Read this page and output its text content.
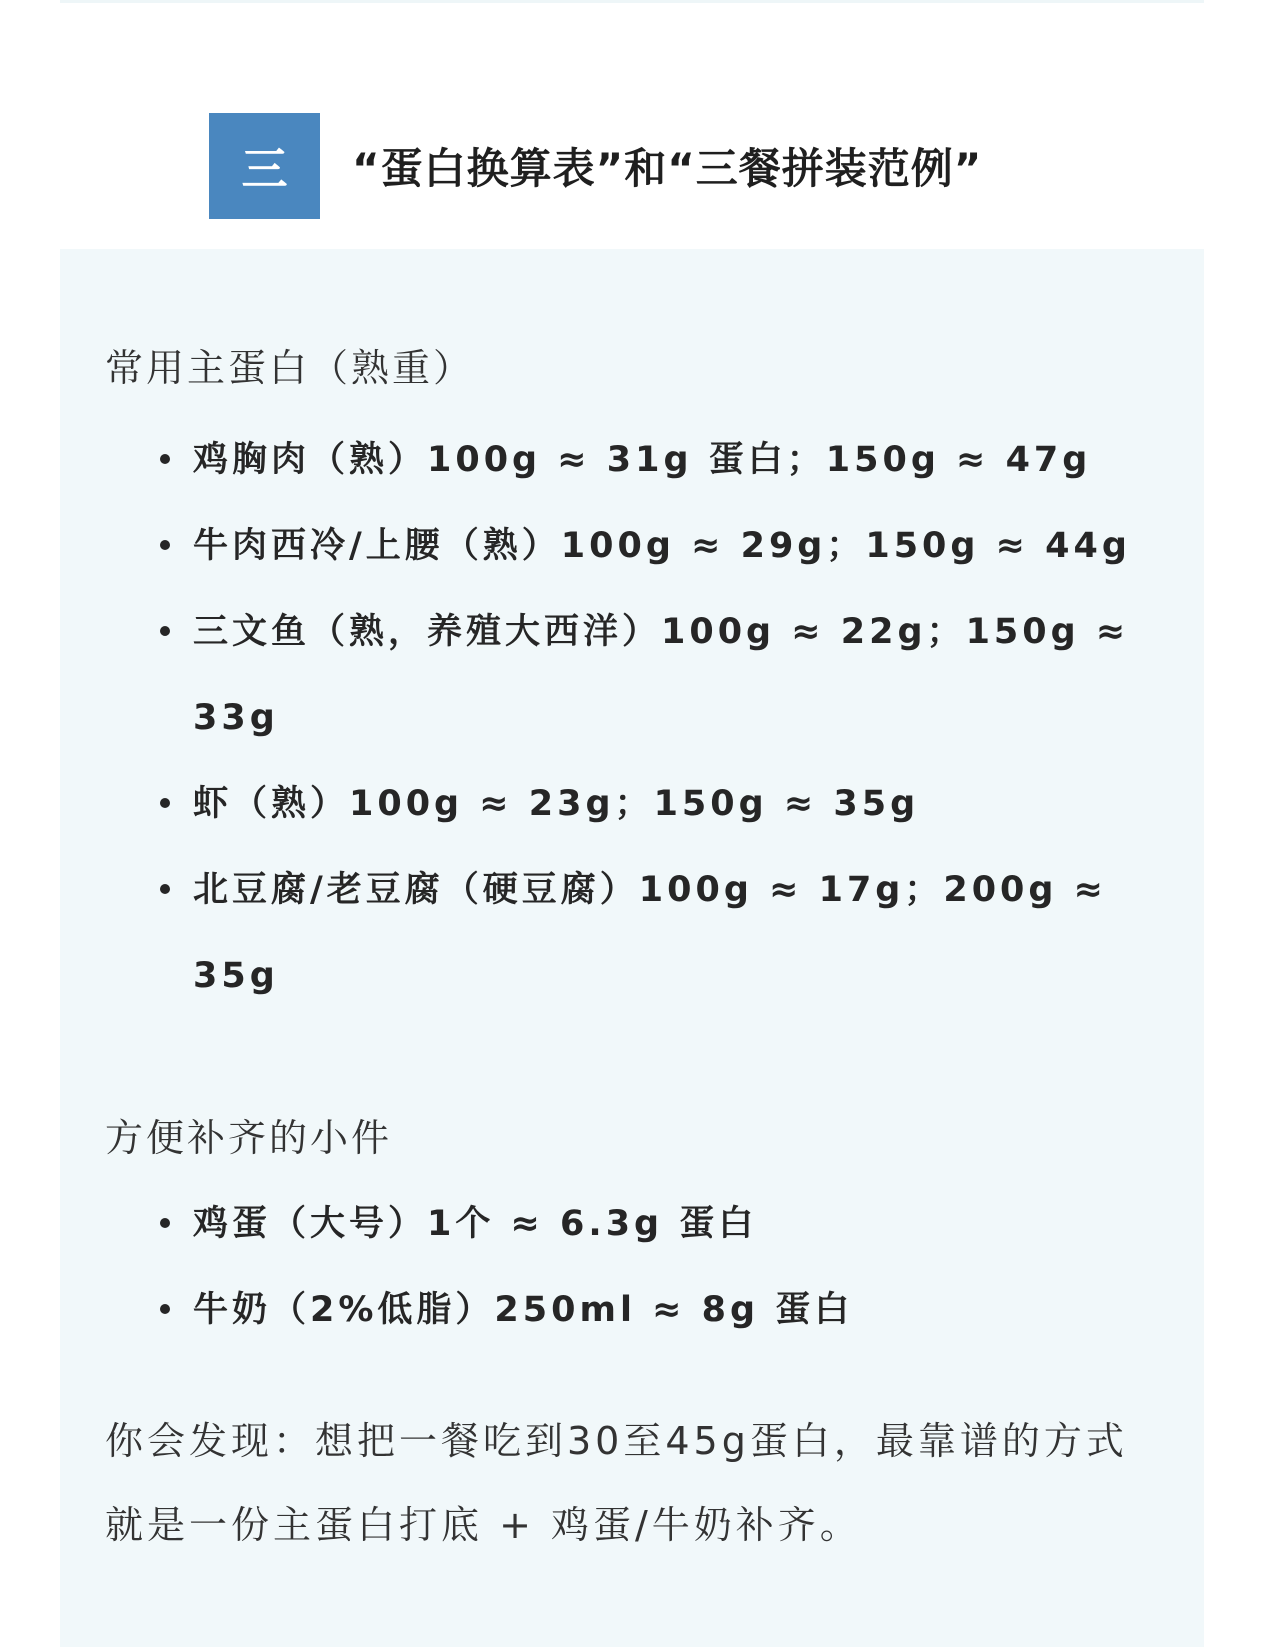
三	“蛋白换算表”和“三餐拼装范例”
常用主蛋白（熟重）
鸡胸肉（熟）100g ≈ 31g 蛋白；150g ≈ 47g
牛肉西冷/上腰（熟）100g ≈ 29g；150g ≈ 44g
三文鱼（熟，养殖大西洋）100g ≈ 22g；150g ≈ 33g
虾（熟）100g ≈ 23g；150g ≈ 35g
北豆腐/老豆腐（硬豆腐）100g ≈ 17g；200g ≈ 35g
方便补齐的小件
鸡蛋（大号）1个 ≈ 6.3g 蛋白
牛奶（2%低脂）250ml ≈ 8g 蛋白
你会发现：想把一餐吃到30至45g蛋白，最靠谱的方式就是一份主蛋白打底 + 鸡蛋/牛奶补齐。
